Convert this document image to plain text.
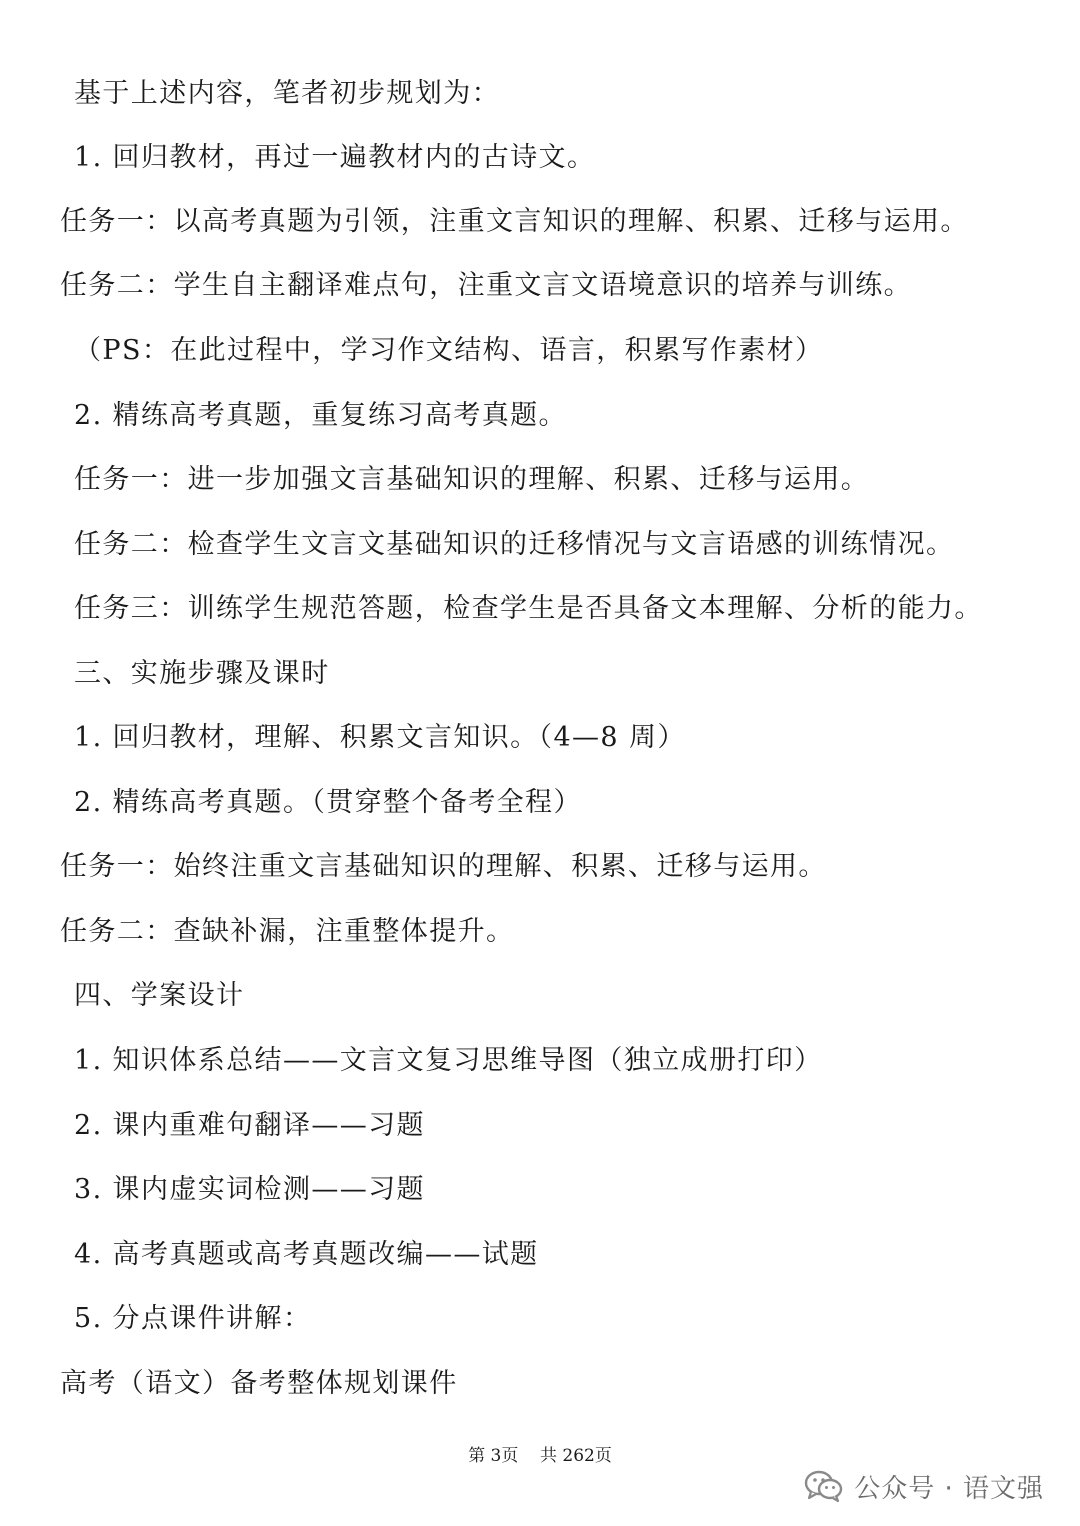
基于上述内容，笔者初步规划为：
1. 回归教材，再过一遍教材内的古诗文。
任务一：以高考真题为引领，注重文言知识的理解、积累、迁移与运用。
任务二：学生自主翻译难点句，注重文言文语境意识的培养与训练。
（PS：在此过程中，学习作文结构、语言，积累写作素材）
2. 精练高考真题，重复练习高考真题。
任务一：进一步加强文言基础知识的理解、积累、迁移与运用。
任务二：检查学生文言文基础知识的迁移情况与文言语感的训练情况。
任务三：训练学生规范答题，检查学生是否具备文本理解、分析的能力。
三、实施步骤及课时
1. 回归教材，理解、积累文言知识。（4—8 周）
2. 精练高考真题。（贯穿整个备考全程）
任务一：始终注重文言基础知识的理解、积累、迁移与运用。
任务二：查缺补漏，注重整体提升。
四、学案设计
1. 知识体系总结——文言文复习思维导图（独立成册打印）
2. 课内重难句翻译——习题
3. 课内虚实词检测——习题
4. 高考真题或高考真题改编——试题
5. 分点课件讲解：
高考（语文）备考整体规划课件
第 3页 共 262页
公众号 · 语文强
